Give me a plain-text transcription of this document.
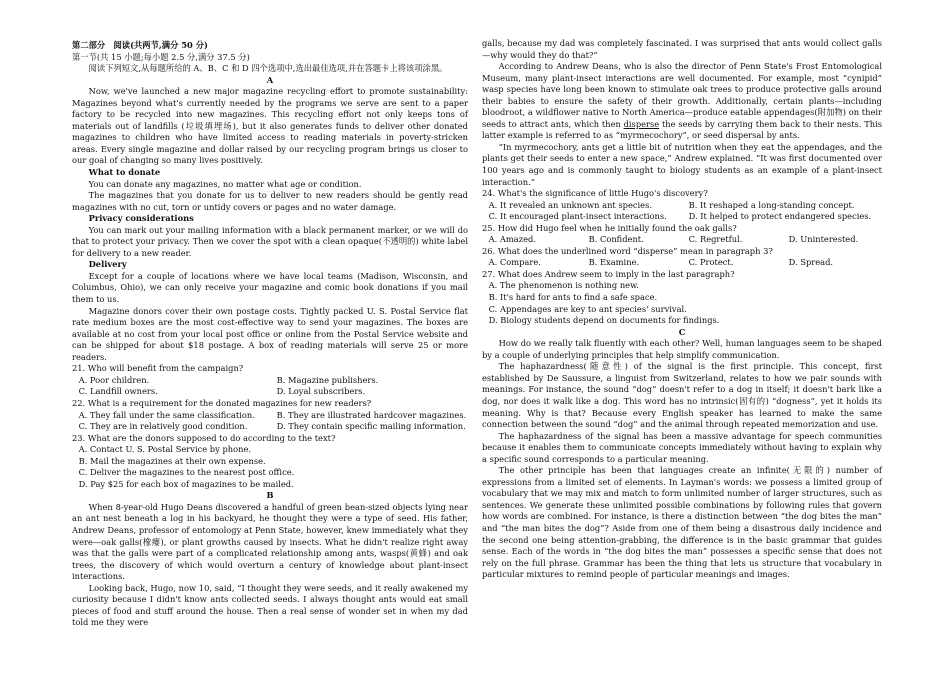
第二部分　阅读(共两节,满分 50 分)
第一节(共 15 小题;每小题 2.5 分,满分 37.5 分)

阅读下列短文,从每题所给的 A、B、C 和 D 四个选项中,选出最佳选项,并在答题卡上将该项涂黑。

A

Now, we've launched a new major magazine recycling effort to promote sustainability: Magazines beyond what's currently needed by the programs we serve are sent to a paper factory to be recycled into new magazines. This recycling effort not only keeps tons of materials out of landfills (垃圾填埋场), but it also generates funds to deliver other donated magazines to children who have limited access to reading materials in poverty-stricken areas. Every single magazine and dollar raised by our recycling program brings us closer to our goal of changing so many lives positively.

What to donate

You can donate any magazines, no matter what age or condition.

The magazines that you donate for us to deliver to new readers should be gently read magazines with no cut, torn or untidy covers or pages and no water damage.

Privacy considerations

You can mark out your mailing information with a black permanent marker, or we will do that to protect your privacy. Then we cover the spot with a clean opaque(不透明的) white label for delivery to a new reader.

Delivery

Except for a couple of locations where we have local teams (Madison, Wisconsin, and Columbus, Ohio), we can only receive your magazine and comic book donations if you mail them to us.

Magazine donors cover their own postage costs. Tightly packed U. S. Postal Service flat rate medium boxes are the most cost-effective way to send your magazines. The boxes are available at no cost from your local post office or online from the Postal Service website and can be shipped for about $18 postage. A box of reading materials will serve 25 or more readers.

21. Who will benefit from the campaign?
A. Poor children.	B. Magazine publishers.
C. Landfill owners.	D. Loyal subscribers.
22. What is a requirement for the donated magazines for new readers?
A. They fall under the same classification.	B. They are illustrated hardcover magazines.
C. They are in relatively good condition.	D. They contain specific mailing information.
23. What are the donors supposed to do according to the text?
A. Contact U. S. Postal Service by phone.
B. Mail the magazines at their own expense.
C. Deliver the magazines to the nearest post office.
D. Pay $25 for each box of magazines to be mailed.
B

When 8-year-old Hugo Deans discovered a handful of green bean-sized objects lying near an ant nest beneath a log in his backyard, he thought they were a type of seed. His father, Andrew Deans, professor of entomology at Penn State, however, knew immediately what they were—oak galls(橡瘿), or plant growths caused by insects. What he didn't realize right away was that the galls were part of a complicated relationship among ants, wasps(黄蜂) and oak trees, the discovery of which would overturn a century of knowledge about plant-insect interactions.

Looking back, Hugo, now 10, said, “I thought they were seeds, and it really awakened my curiosity because I didn't know ants collected seeds. I always thought ants would eat small pieces of food and stuff around the house. Then a real sense of wonder set in when my dad told me they were

galls, because my dad was completely fascinated. I was surprised that ants would collect galls—why would they do that?”

According to Andrew Deans, who is also the director of Penn State's Frost Entomological Museum, many plant-insect interactions are well documented. For example, most “cynipid” wasp species have long been known to stimulate oak trees to produce protective galls around their babies to ensure the safety of their growth. Additionally, certain plants—including bloodroot, a wildflower native to North America—produce eatable appendages(附加物) on their seeds to attract ants, which then disperse the seeds by carrying them back to their nests. This latter example is referred to as “myrmecochory”, or seed dispersal by ants.

“In myrmecochory, ants get a little bit of nutrition when they eat the appendages, and the plants get their seeds to enter a new space,” Andrew explained. “It was first documented over 100 years ago and is commonly taught to biology students as an example of a plant-insect interaction.”

24. What's the significance of little Hugo's discovery?
A. It revealed an unknown ant species.	B. It reshaped a long-standing concept.
C. It encouraged plant-insect interactions.	D. It helped to protect endangered species.
25. How did Hugo feel when he initially found the oak galls?
A. Amazed.	B. Confident.	C. Regretful.	D. Uninterested.
26. What does the underlined word “disperse” mean in paragraph 3?
A. Compare.	B. Examine.	C. Protect.	D. Spread.
27. What does Andrew seem to imply in the last paragraph?
A. The phenomenon is nothing new.
B. It's hard for ants to find a safe space.
C. Appendages are key to ant species' survival.
D. Biology students depend on documents for findings.
C

How do we really talk fluently with each other? Well, human languages seem to be shaped by a couple of underlying principles that help simplify communication.

The haphazardness(随意性) of the signal is the first principle. This concept, first established by De Saussure, a linguist from Switzerland, relates to how we pair sounds with meanings. For instance, the sound “dog” doesn't refer to a dog in itself; it doesn't bark like a dog, nor does it walk like a dog. This word has no intrinsic(固有的) “dogness”, yet it holds its meaning. Why is that? Because every English speaker has learned to make the same connection between the sound “dog” and the animal through repeated memorization and use.

The haphazardness of the signal has been a massive advantage for speech communities because it enables them to communicate concepts immediately without having to explain why a specific sound corresponds to a particular meaning.

The other principle has been that languages create an infinite(无限的) number of expressions from a limited set of elements. In Layman's words: we possess a limited group of vocabulary that we may mix and match to form unlimited number of larger structures, such as sentences. We generate these unlimited possible combinations by following rules that govern how words are combined. For instance, is there a distinction between “the dog bites the man” and “the man bites the dog”? Aside from one of them being a disastrous daily incidence and the second one being attention-grabbing, the difference is in the basic grammar that guides sense. Each of the words in “the dog bites the man” possesses a specific sense that does not rely on the full phrase. Grammar has been the thing that lets us structure that vocabulary in particular mixtures to remind people of particular meanings and images.
